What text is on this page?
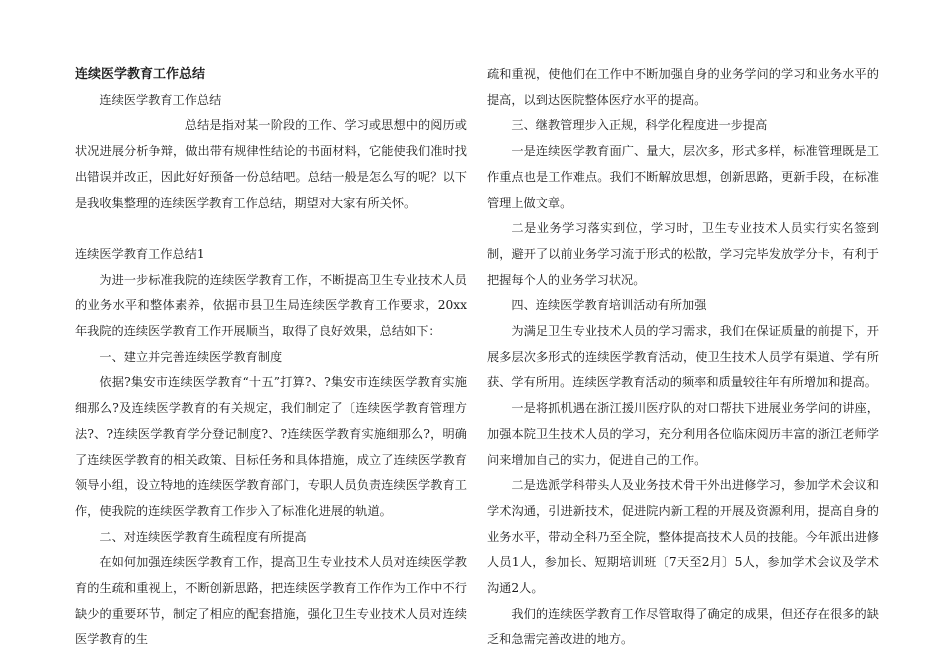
连续医学教育工作总结

连续医学教育工作总结

总结是指对某一阶段的工作、学习或思想中的阅历或状况进展分析争辩，做出带有规律性结论的书面材料，它能使我们准时找出错误并改正，因此好好预备一份总结吧。总结一般是怎么写的呢？以下是我收集整理的连续医学教育工作总结，期望对大家有所关怀。

连续医学教育工作总结1

为进一步标准我院的连续医学教育工作，不断提高卫生专业技术人员的业务水平和整体素养，依据市县卫生局连续医学教育工作要求，20xx年我院的连续医学教育工作开展顺当，取得了良好效果，总结如下：

一、建立并完善连续医学教育制度

依据?集安市连续医学教育“十五”打算?、?集安市连续医学教育实施细那么?及连续医学教育的有关规定，我们制定了〔连续医学教育管理方法?、?连续医学教育学分登记制度?、?连续医学教育实施细那么?，明确了连续医学教育的相关政策、目标任务和具体措施，成立了连续医学教育领导小组，设立特地的连续医学教育部门，专职人员负责连续医学教育工作，使我院的连续医学教育工作步入了标准化进展的轨道。

二、对连续医学教育生疏程度有所提高

在如何加强连续医学教育工作，提高卫生专业技术人员对连续医学教育的生疏和重视上，不断创新思路，把连续医学教育工作作为工作中不行缺少的重要环节，制定了相应的配套措施，强化卫生专业技术人员对连续医学教育的生

疏和重视，使他们在工作中不断加强自身的业务学问的学习和业务水平的提高，以到达医院整体医疗水平的提高。

三、继教管理步入正规，科学化程度进一步提高

一是连续医学教育面广、量大，层次多，形式多样，标准管理既是工作重点也是工作难点。我们不断解放思想，创新思路，更新手段，在标准管理上做文章。

二是业务学习落实到位，学习时，卫生专业技术人员实行实名签到制，避开了以前业务学习流于形式的松散，学习完毕发放学分卡，有利于把握每个人的业务学习状况。

四、连续医学教育培训活动有所加强

为满足卫生专业技术人员的学习需求，我们在保证质量的前提下，开展多层次多形式的连续医学教育活动，使卫生技术人员学有渠道、学有所获、学有所用。连续医学教育活动的频率和质量较往年有所增加和提高。

一是将抓机遇在浙江援川医疗队的对口帮扶下进展业务学问的讲座，加强本院卫生技术人员的学习，充分利用各位临床阅历丰富的浙江老师学问来增加自己的实力，促进自己的工作。

二是选派学科带头人及业务技术骨干外出进修学习，参加学术会议和学术沟通，引进新技术，促进院内新工程的开展及资源利用，提高自身的业务水平，带动全科乃至全院，整体提高技术人员的技能。今年派出进修人员1人，参加长、短期培训班〔7天至2月〕5人，参加学术会议及学术沟通2人。

我们的连续医学教育工作尽管取得了确定的成果，但还存在很多的缺乏和急需完善改进的地方。
